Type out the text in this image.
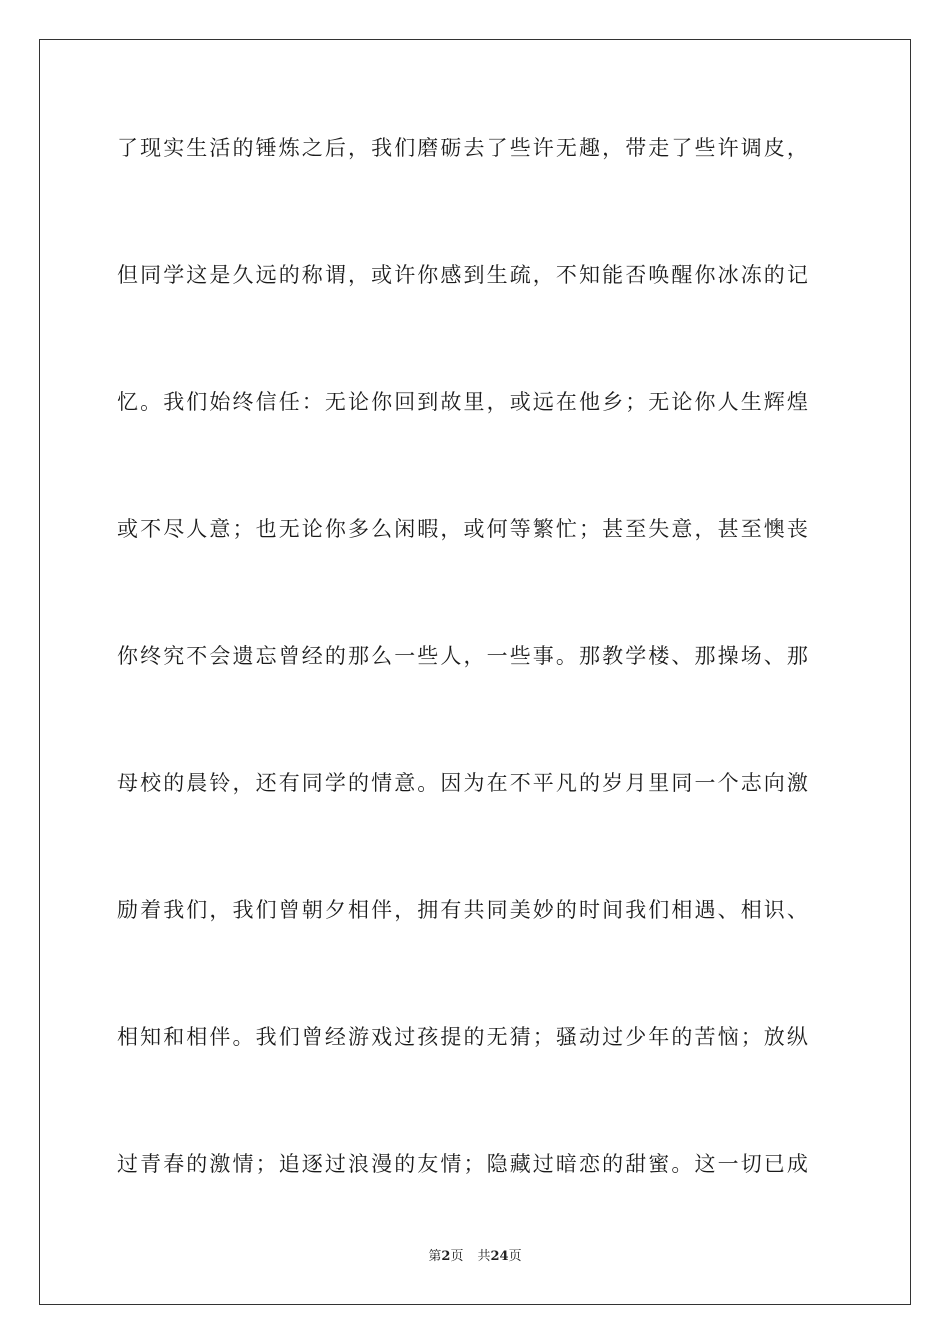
了现实生活的锤炼之后，我们磨砺去了些许无趣，带走了些许调皮，
但同学这是久远的称谓，或许你感到生疏，不知能否唤醒你冰冻的记
忆。我们始终信任：无论你回到故里，或远在他乡；无论你人生辉煌
或不尽人意；也无论你多么闲暇，或何等繁忙；甚至失意，甚至懊丧
你终究不会遗忘曾经的那么一些人，一些事。那教学楼、那操场、那
母校的晨铃，还有同学的情意。因为在不平凡的岁月里同一个志向激
励着我们，我们曾朝夕相伴，拥有共同美妙的时间我们相遇、相识、
相知和相伴。我们曾经游戏过孩提的无猜；骚动过少年的苦恼；放纵
过青春的激情；追逐过浪漫的友情；隐藏过暗恋的甜蜜。这一切已成
第2页 共24页
